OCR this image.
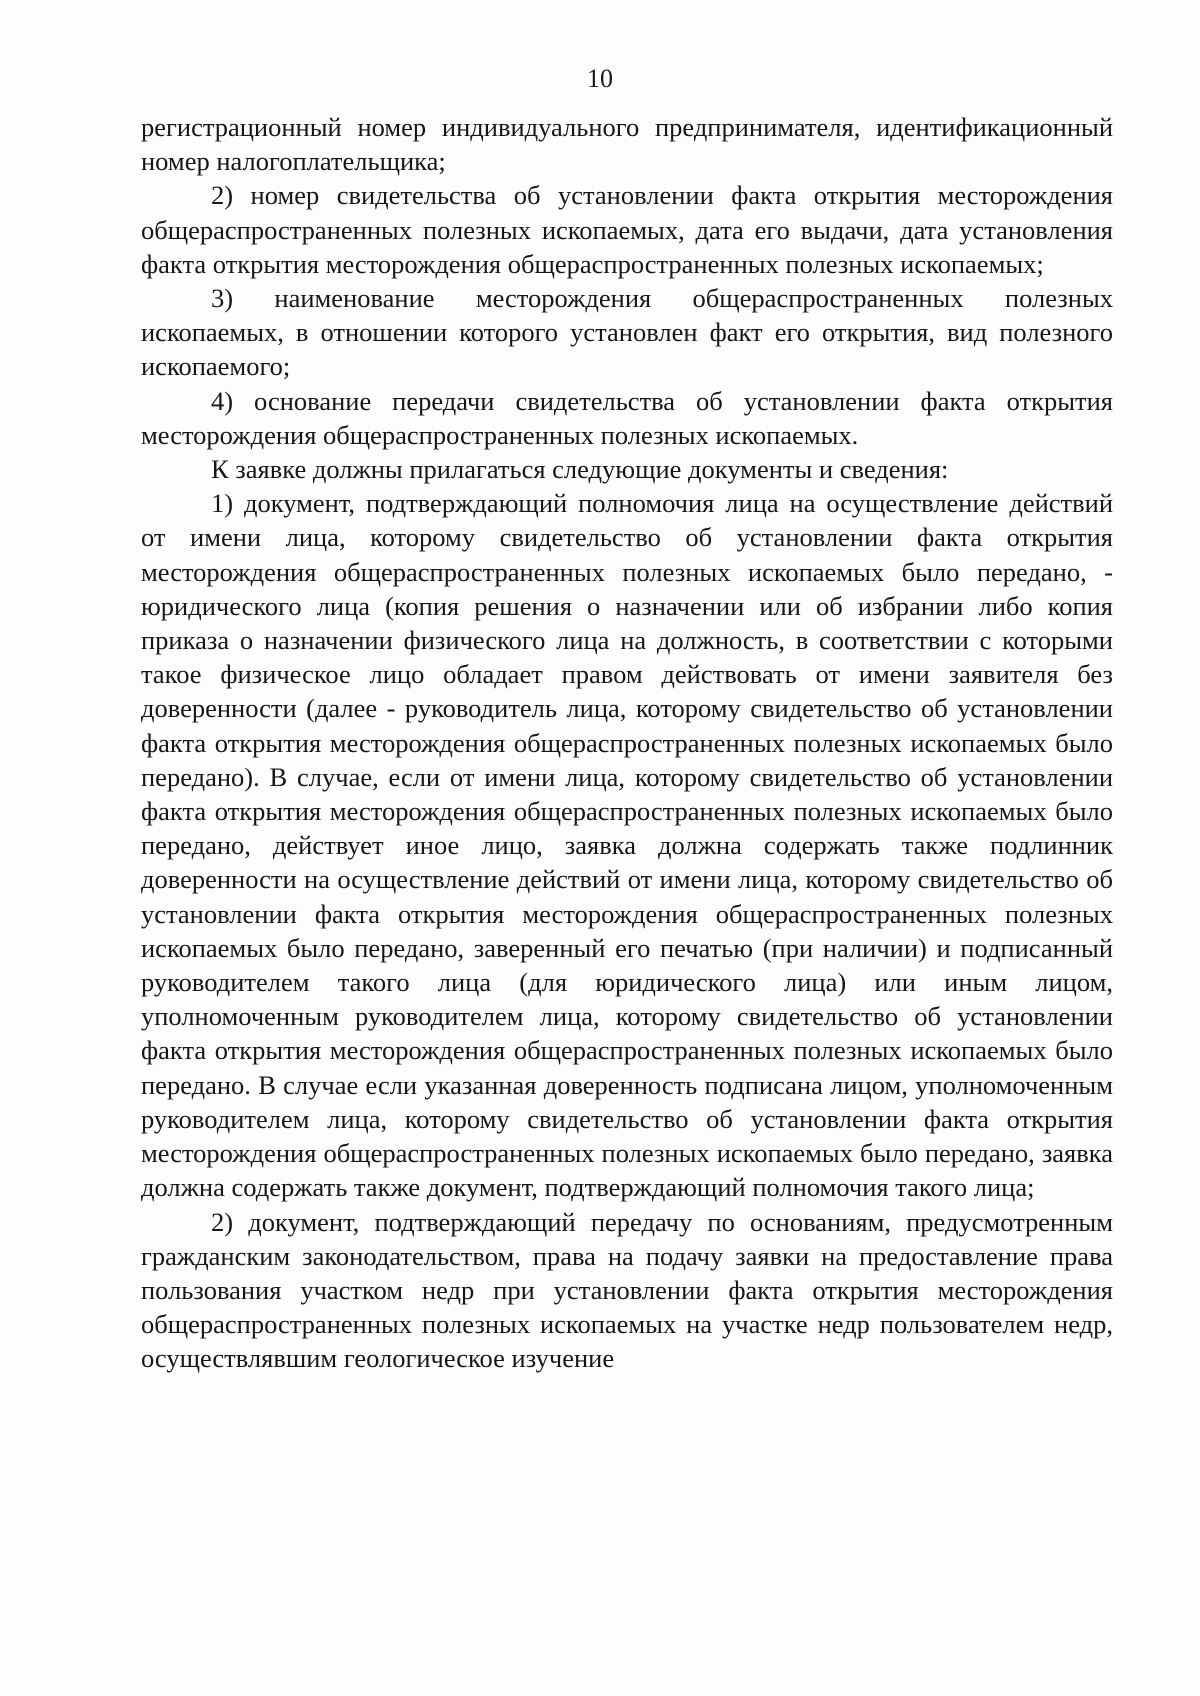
10

регистрационный номер индивидуального предпринимателя, идентификационный номер налогоплательщика;

2) номер свидетельства об установлении факта открытия месторождения общераспространенных полезных ископаемых, дата его выдачи, дата установления факта открытия месторождения общераспространенных полезных ископаемых;

3) наименование месторождения общераспространенных полезных ископаемых, в отношении которого установлен факт его открытия, вид полезного ископаемого;

4) основание передачи свидетельства об установлении факта открытия месторождения общераспространенных полезных ископаемых.

К заявке должны прилагаться следующие документы и сведения:

1) документ, подтверждающий полномочия лица на осуществление действий от имени лица, которому свидетельство об установлении факта открытия месторождения общераспространенных полезных ископаемых было передано, - юридического лица (копия решения о назначении или об избрании либо копия приказа о назначении физического лица на должность, в соответствии с которыми такое физическое лицо обладает правом действовать от имени заявителя без доверенности (далее - руководитель лица, которому свидетельство об установлении факта открытия месторождения общераспространенных полезных ископаемых было передано). В случае, если от имени лица, которому свидетельство об установлении факта открытия месторождения общераспространенных полезных ископаемых было передано, действует иное лицо, заявка должна содержать также подлинник доверенности на осуществление действий от имени лица, которому свидетельство об установлении факта открытия месторождения общераспространенных полезных ископаемых было передано, заверенный его печатью (при наличии) и подписанный руководителем такого лица (для юридического лица) или иным лицом, уполномоченным руководителем лица, которому свидетельство об установлении факта открытия месторождения общераспространенных полезных ископаемых было передано. В случае если указанная доверенность подписана лицом, уполномоченным руководителем лица, которому свидетельство об установлении факта открытия месторождения общераспространенных полезных ископаемых было передано, заявка должна содержать также документ, подтверждающий полномочия такого лица;

2) документ, подтверждающий передачу по основаниям, предусмотренным гражданским законодательством, права на подачу заявки на предоставление права пользования участком недр при установлении факта открытия месторождения общераспространенных полезных ископаемых на участке недр пользователем недр, осуществлявшим геологическое изучение
